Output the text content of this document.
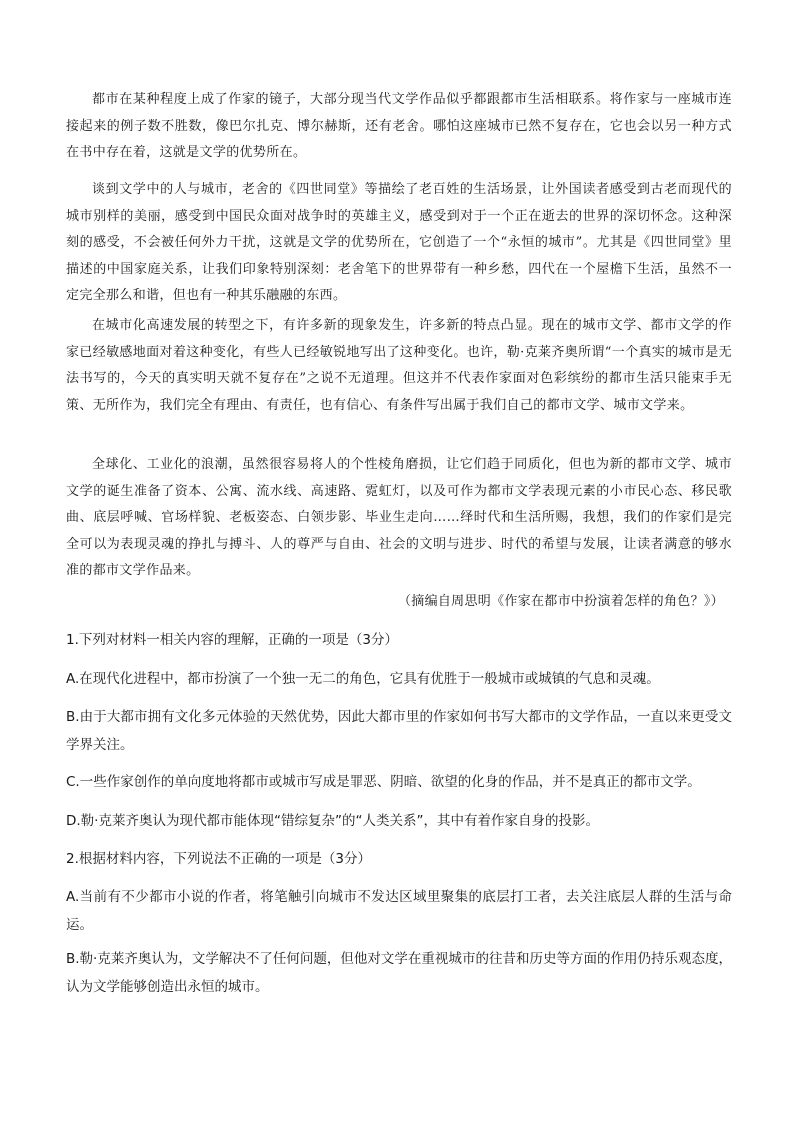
都市在某种程度上成了作家的镜子，大部分现当代文学作品似乎都跟都市生活相联系。将作家与一座城市连接起来的例子数不胜数，像巴尔扎克、博尔赫斯，还有老舍。哪怕这座城市已然不复存在，它也会以另一种方式在书中存在着，这就是文学的优势所在。

谈到文学中的人与城市，老舍的《四世同堂》等描绘了老百姓的生活场景，让外国读者感受到古老而现代的城市别样的美丽，感受到中国民众面对战争时的英雄主义，感受到对于一个正在逝去的世界的深切怀念。这种深刻的感受，不会被任何外力干扰，这就是文学的优势所在，它创造了一个“永恒的城市”。尤其是《四世同堂》里描述的中国家庭关系，让我们印象特别深刻：老舍笔下的世界带有一种乡愁，四代在一个屋檐下生活，虽然不一定完全那么和谐，但也有一种其乐融融的东西。

在城市化高速发展的转型之下，有许多新的现象发生，许多新的特点凸显。现在的城市文学、都市文学的作家已经敏感地面对着这种变化，有些人已经敏锐地写出了这种变化。也许，勒·克莱齐奥所谓“一个真实的城市是无法书写的，今天的真实明天就不复存在”之说不无道理。但这并不代表作家面对色彩缤纷的都市生活只能束手无策、无所作为，我们完全有理由、有责任，也有信心、有条件写出属于我们自己的都市文学、城市文学来。

全球化、工业化的浪潮，虽然很容易将人的个性棱角磨损，让它们趋于同质化，但也为新的都市文学、城市文学的诞生准备了资本、公寓、流水线、高速路、霓虹灯，以及可作为都市文学表现元素的小市民心态、移民歌曲、底层呼喊、官场样貌、老板姿态、白领步影、毕业生走向……绎时代和生活所赐，我想，我们的作家们是完全可以为表现灵魂的挣扎与搏斗、人的尊严与自由、社会的文明与进步、时代的希望与发展，让读者满意的够水准的都市文学作品来。

（摘编自周思明《作家在都市中扮演着怎样的角色？》）

1.下列对材料一相关内容的理解，正确的一项是（3分）

A.在现代化进程中，都市扮演了一个独一无二的角色，它具有优胜于一般城市或城镇的气息和灵魂。

B.由于大都市拥有文化多元体验的天然优势，因此大都市里的作家如何书写大都市的文学作品，一直以来更受文学界关注。

C.一些作家创作的单向度地将都市或城市写成是罪恶、阴暗、欲望的化身的作品，并不是真正的都市文学。

D.勒·克莱齐奥认为现代都市能体现“错综复杂”的“人类关系”，其中有着作家自身的投影。

2.根据材料内容，下列说法不正确的一项是（3分）

A.当前有不少都市小说的作者，将笔触引向城市不发达区域里聚集的底层打工者，去关注底层人群的生活与命运。

B.勒·克莱齐奥认为，文学解决不了任何问题，但他对文学在重视城市的往昔和历史等方面的作用仍持乐观态度，认为文学能够创造出永恒的城市。
